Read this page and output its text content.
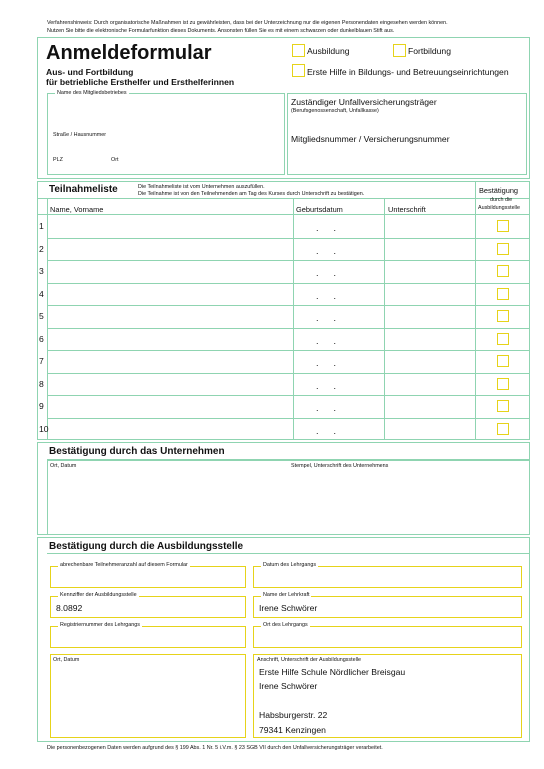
Verfahrenshinweis: Durch organisatorische Maßnahmen ist zu gewährleisten, dass bei der Unterzeichnung nur die eigenen Personendaten eingesehen werden können.
Nutzen Sie bitte die elektronische Formularfunktion dieses Dokuments. Ansonsten füllen Sie es mit einem schwarzen oder dunkelblauen Stift aus.
Anmeldeformular
Aus- und Fortbildung
für betriebliche Ersthelfer und Ersthelferinnen
Ausbildung	Fortbildung
Erste Hilfe in Bildungs- und Betreuungseinrichtungen
Name des Mitgliedsbetriebes
Straße / Hausnummer
PLZ	Ort
Zuständiger Unfallversicherungsträger
(Berufsgenossenschaft, Unfallkasse)
Mitgliedsnummer / Versicherungsnummer
Teilnahmeliste	Die Teilnahmeliste ist vom Unternehmen auszufüllen.
Die Teilnahme ist von den Teilnehmenden am Tag des Kurses durch Unterschrift zu bestätigen.	Bestätigung
durch die
Ausbildungsstelle
Name, Vorname	Geburtsdatum	Unterschrift
1	.      .
2	.      .
3	.      .
4	.      .
5	.      .
6	.      .
7	.      .
8	.      .
9	.      .
10	.      .
Bestätigung durch das Unternehmen
Ort, Datum	Stempel, Unterschrift des Unternehmens
Bestätigung durch die Ausbildungsstelle
abrechenbare Teilnehmeranzahl auf diesem Formular	Datum des Lehrgangs
Kennziffer der Ausbildungsstelle
8.0892
Name der Lehrkraft
Irene Schwörer
Registriernummer des Lehrgangs	Ort des Lehrgangs
Ort, Datum	Anschrift, Unterschrift der Ausbildungsstelle
Erste Hilfe Schule Nördlicher Breisgau
Irene Schwörer
Habsburgerstr. 22
79341 Kenzingen
Die personenbezogenen Daten werden aufgrund des § 199 Abs. 1 Nr. 5 i.V.m. § 23 SGB VII durch den Unfallversicherungsträger verarbeitet.
